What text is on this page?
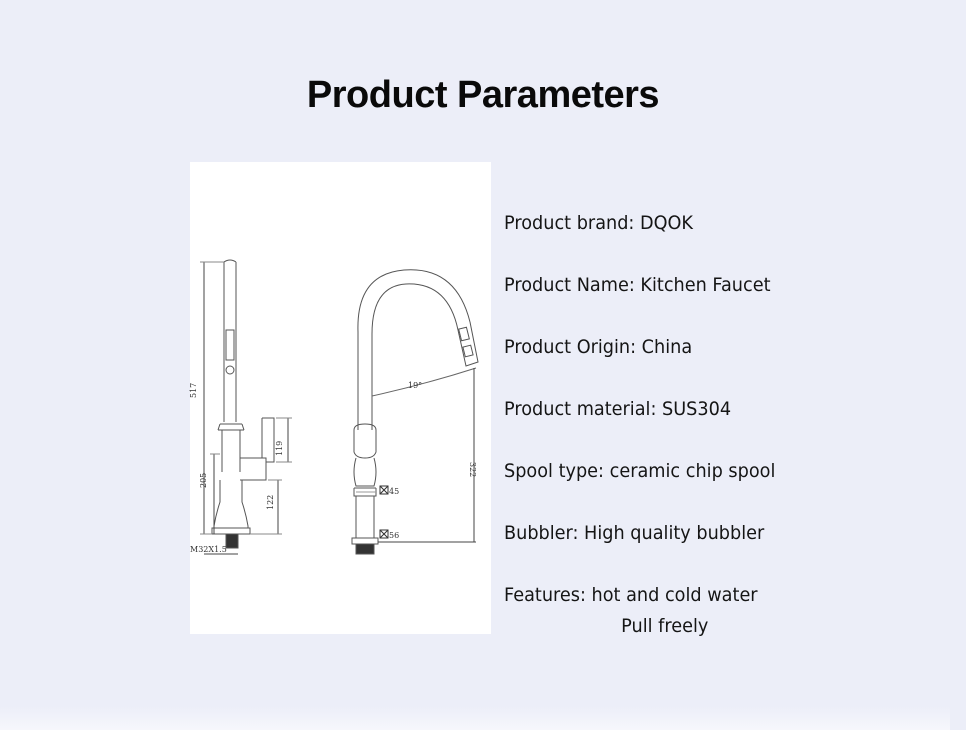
Product Parameters
517
205
119
122
M32X1.5
19°
322
45
56
Product brand: DQOK
Product Name: Kitchen Faucet
Product Origin: China
Product material: SUS304
Spool type: ceramic chip spool
Bubbler: High quality bubbler
Features: hot and cold water
Pull freely
